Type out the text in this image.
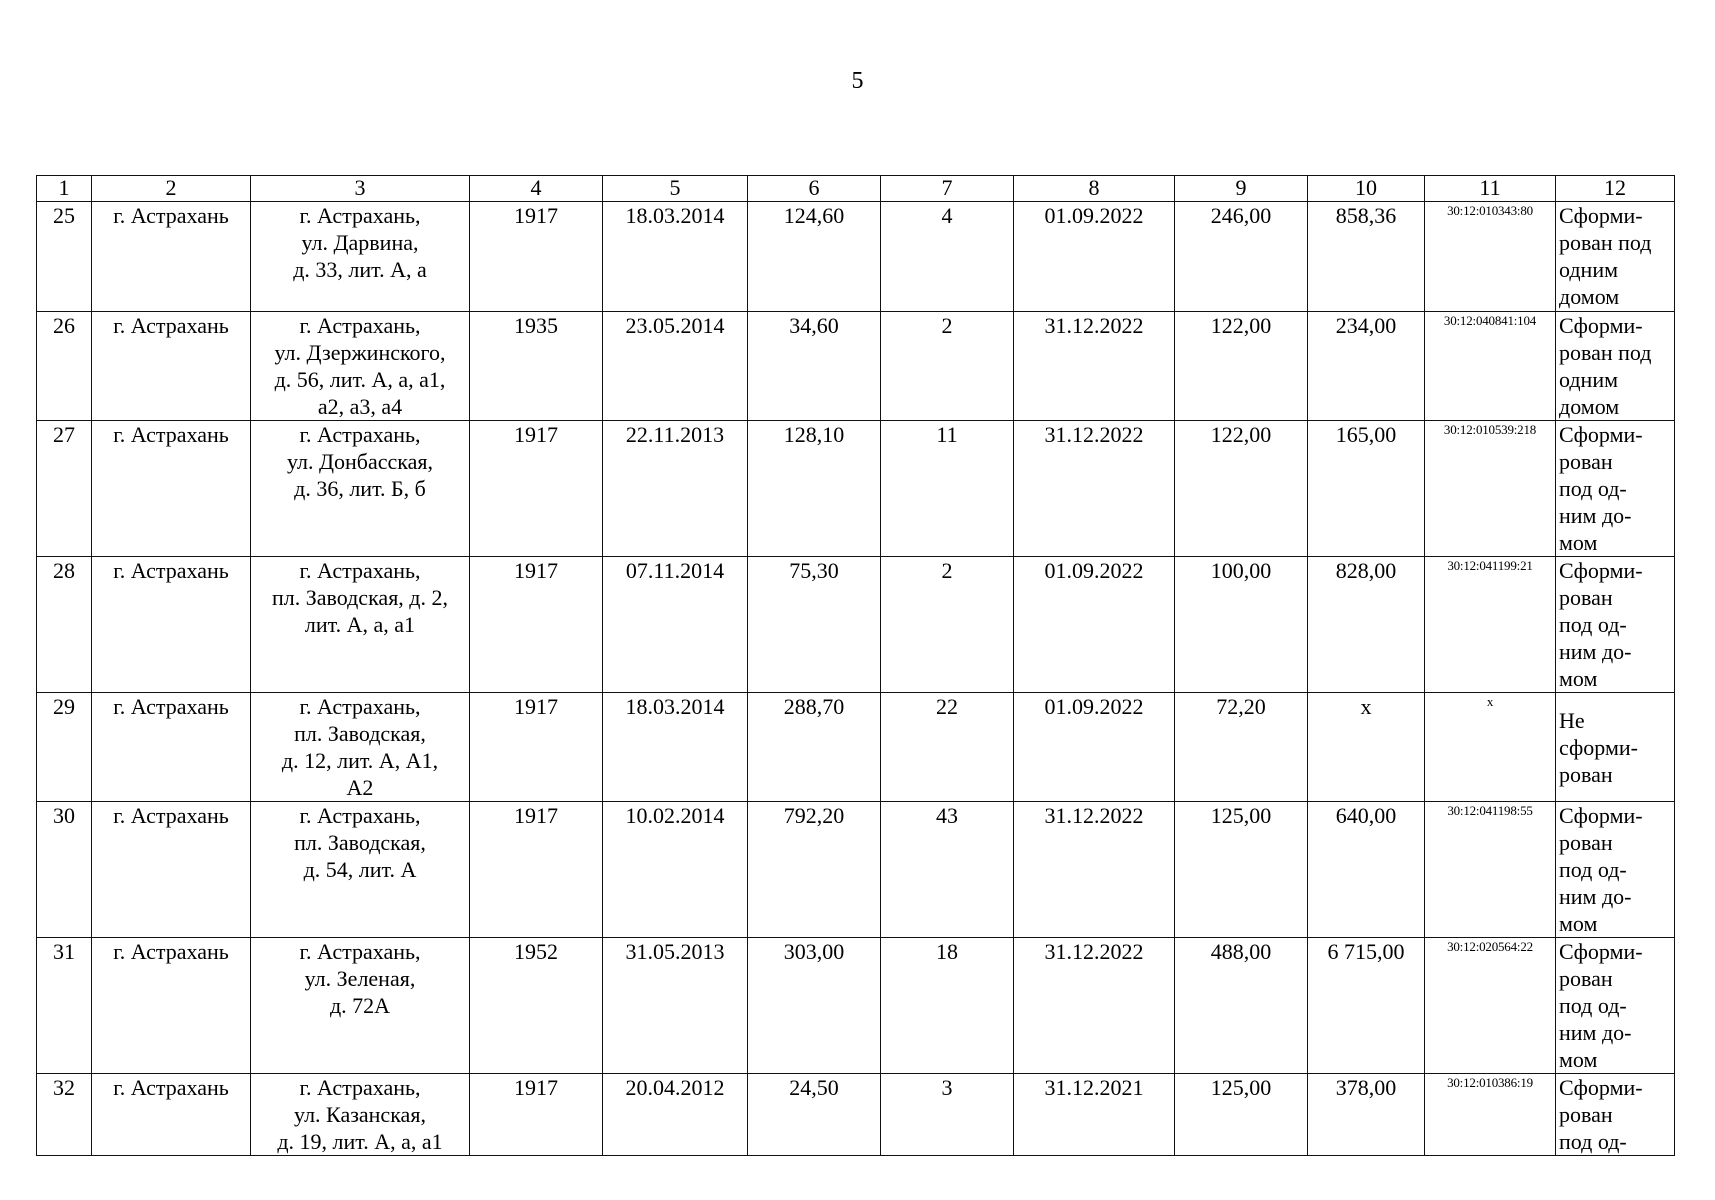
5
1	2	3	4	5	6	7	8	9	10	11	12
25	г. Астрахань	г. Астрахань,
ул. Дарвина,
д. 33, лит. А, а	1917	18.03.2014	124,60	4	01.09.2022	246,00	858,36	30:12:010343:80	Сформи-
рован под
одним
домом
26	г. Астрахань	г. Астрахань,
ул. Дзержинского,
д. 56, лит. А, а, а1,
а2, а3, а4	1935	23.05.2014	34,60	2	31.12.2022	122,00	234,00	30:12:040841:104	Сформи-
рован под
одним
домом
27	г. Астрахань	г. Астрахань,
ул. Донбасская,
д. 36, лит. Б, б	1917	22.11.2013	128,10	11	31.12.2022	122,00	165,00	30:12:010539:218	Сформи-
рован
под од-
ним до-
мом
28	г. Астрахань	г. Астрахань,
пл. Заводская, д. 2,
лит. А, а, а1	1917	07.11.2014	75,30	2	01.09.2022	100,00	828,00	30:12:041199:21	Сформи-
рован
под од-
ним до-
мом
29	г. Астрахань	г. Астрахань,
пл. Заводская,
д. 12, лит. А, А1,
А2	1917	18.03.2014	288,70	22	01.09.2022	72,20	х	х	Не
сформи-
рован
30	г. Астрахань	г. Астрахань,
пл. Заводская,
д. 54, лит. А	1917	10.02.2014	792,20	43	31.12.2022	125,00	640,00	30:12:041198:55	Сформи-
рован
под од-
ним до-
мом
31	г. Астрахань	г. Астрахань,
ул. Зеленая,
д. 72А	1952	31.05.2013	303,00	18	31.12.2022	488,00	6 715,00	30:12:020564:22	Сформи-
рован
под од-
ним до-
мом
32	г. Астрахань	г. Астрахань,
ул. Казанская,
д. 19, лит. А, а, а1	1917	20.04.2012	24,50	3	31.12.2021	125,00	378,00	30:12:010386:19	Сформи-
рован
под од-
